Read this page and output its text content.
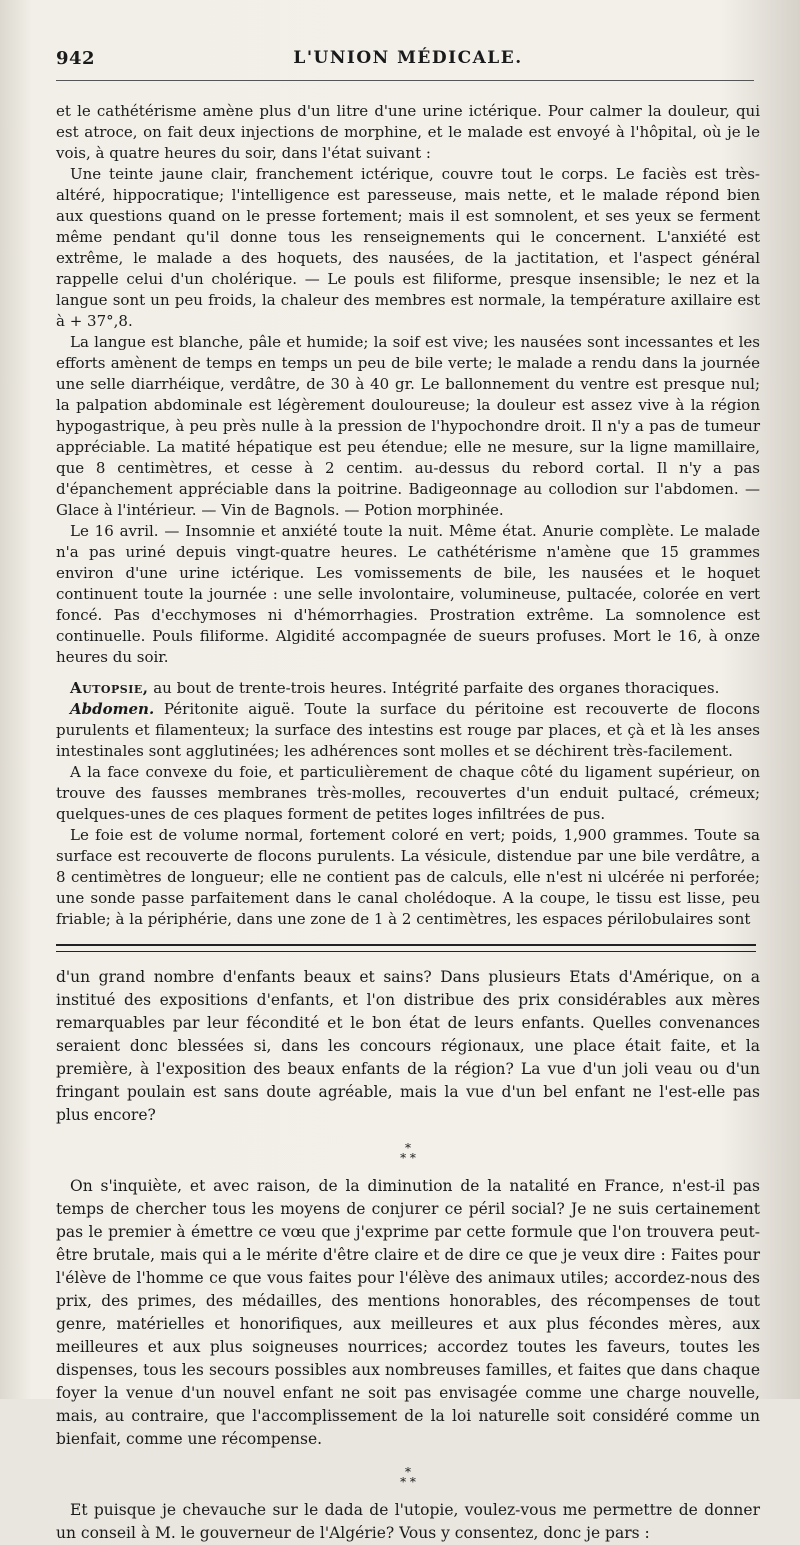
942	L'UNION MÉDICALE.

et le cathétérisme amène plus d'un litre d'une urine ictérique. Pour calmer la douleur, qui est atroce, on fait deux injections de morphine, et le malade est envoyé à l'hôpital, où je le vois, à quatre heures du soir, dans l'état suivant :

Une teinte jaune clair, franchement ictérique, couvre tout le corps. Le faciès est très-altéré, hippocratique; l'intelligence est paresseuse, mais nette, et le malade répond bien aux questions quand on le presse fortement; mais il est somnolent, et ses yeux se ferment même pendant qu'il donne tous les renseignements qui le concernent. L'anxiété est extrême, le malade a des hoquets, des nausées, de la jactitation, et l'aspect général rappelle celui d'un cholérique. — Le pouls est filiforme, presque insensible; le nez et la langue sont un peu froids, la chaleur des membres est normale, la température axillaire est à + 37°,8.

La langue est blanche, pâle et humide; la soif est vive; les nausées sont incessantes et les efforts amènent de temps en temps un peu de bile verte; le malade a rendu dans la journée une selle diarrhéique, verdâtre, de 30 à 40 gr. Le ballonnement du ventre est presque nul; la palpation abdominale est légèrement douloureuse; la douleur est assez vive à la région hypogastrique, à peu près nulle à la pression de l'hypochondre droit. Il n'y a pas de tumeur appréciable. La matité hépatique est peu étendue; elle ne mesure, sur la ligne mamillaire, que 8 centimètres, et cesse à 2 centim. au-dessus du rebord cortal. Il n'y a pas d'épanchement appréciable dans la poitrine. Badigeonnage au collodion sur l'abdomen. — Glace à l'intérieur. — Vin de Bagnols. — Potion morphinée.

Le 16 avril. — Insomnie et anxiété toute la nuit. Même état. Anurie complète. Le malade n'a pas uriné depuis vingt-quatre heures. Le cathétérisme n'amène que 15 grammes environ d'une urine ictérique. Les vomissements de bile, les nausées et le hoquet continuent toute la journée : une selle involontaire, volumineuse, pultacée, colorée en vert foncé. Pas d'ecchymoses ni d'hémorrhagies. Prostration extrême. La somnolence est continuelle. Pouls filiforme. Algidité accompagnée de sueurs profuses. Mort le 16, à onze heures du soir.

Autopsie, au bout de trente-trois heures. Intégrité parfaite des organes thoraciques.

Abdomen. Péritonite aiguë. Toute la surface du péritoine est recouverte de flocons purulents et filamenteux; la surface des intestins est rouge par places, et çà et là les anses intestinales sont agglutinées; les adhérences sont molles et se déchirent très-facilement.

A la face convexe du foie, et particulièrement de chaque côté du ligament supérieur, on trouve des fausses membranes très-molles, recouvertes d'un enduit pultacé, crémeux; quelques-unes de ces plaques forment de petites loges infiltrées de pus.

Le foie est de volume normal, fortement coloré en vert; poids, 1,900 grammes. Toute sa surface est recouverte de flocons purulents. La vésicule, distendue par une bile verdâtre, a 8 centimètres de longueur; elle ne contient pas de calculs, elle n'est ni ulcérée ni perforée; une sonde passe parfaitement dans le canal cholédoque. A la coupe, le tissu est lisse, peu friable; à la périphérie, dans une zone de 1 à 2 centimètres, les espaces périlobulaires sont

d'un grand nombre d'enfants beaux et sains? Dans plusieurs Etats d'Amérique, on a institué des expositions d'enfants, et l'on distribue des prix considérables aux mères remarquables par leur fécondité et le bon état de leurs enfants. Quelles convenances seraient donc blessées si, dans les concours régionaux, une place était faite, et la première, à l'exposition des beaux enfants de la région? La vue d'un joli veau ou d'un fringant poulain est sans doute agréable, mais la vue d'un bel enfant ne l'est-elle pas plus encore?

*
* *

On s'inquiète, et avec raison, de la diminution de la natalité en France, n'est-il pas temps de chercher tous les moyens de conjurer ce péril social? Je ne suis certainement pas le premier à émettre ce vœu que j'exprime par cette formule que l'on trouvera peut-être brutale, mais qui a le mérite d'être claire et de dire ce que je veux dire : Faites pour l'élève de l'homme ce que vous faites pour l'élève des animaux utiles; accordez-nous des prix, des primes, des médailles, des mentions honorables, des récompenses de tout genre, matérielles et honorifiques, aux meilleures et aux plus fécondes mères, aux meilleures et aux plus soigneuses nourrices; accordez toutes les faveurs, toutes les dispenses, tous les secours possibles aux nombreuses familles, et faites que dans chaque foyer la venue d'un nouvel enfant ne soit pas envisagée comme une charge nouvelle, mais, au contraire, que l'accomplissement de la loi naturelle soit considéré comme un bienfait, comme une récompense.

*
* *

Et puisque je chevauche sur le dada de l'utopie, voulez-vous me permettre de donner un conseil à M. le gouverneur de l'Algérie? Vous y consentez, donc je pars :
